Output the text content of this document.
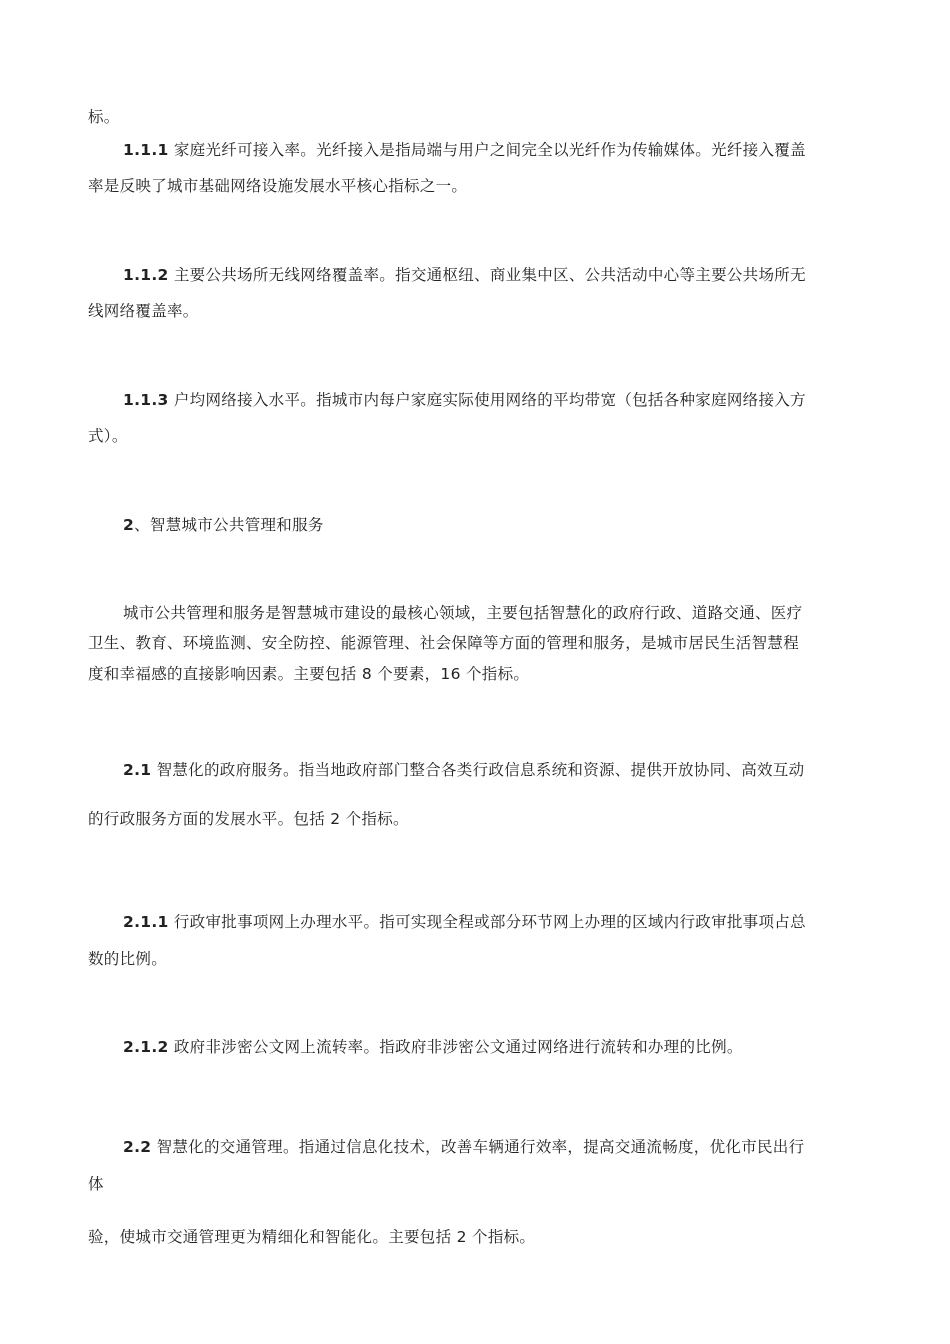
标。
1.1.1 家庭光纤可接入率。光纤接入是指局端与用户之间完全以光纤作为传输媒体。光纤接入覆盖
率是反映了城市基础网络设施发展水平核心指标之一。
1.1.2 主要公共场所无线网络覆盖率。指交通枢纽、商业集中区、公共活动中心等主要公共场所无
线网络覆盖率。
1.1.3 户均网络接入水平。指城市内每户家庭实际使用网络的平均带宽（包括各种家庭网络接入方
式）。
2、智慧城市公共管理和服务
城市公共管理和服务是智慧城市建设的最核心领域，主要包括智慧化的政府行政、道路交通、医疗
卫生、教育、环境监测、安全防控、能源管理、社会保障等方面的管理和服务，是城市居民生活智慧程
度和幸福感的直接影响因素。主要包括 8 个要素，16 个指标。
2.1 智慧化的政府服务。指当地政府部门整合各类行政信息系统和资源、提供开放协同、高效互动
的行政服务方面的发展水平。包括 2 个指标。
2.1.1 行政审批事项网上办理水平。指可实现全程或部分环节网上办理的区域内行政审批事项占总
数的比例。
2.1.2 政府非涉密公文网上流转率。指政府非涉密公文通过网络进行流转和办理的比例。
2.2 智慧化的交通管理。指通过信息化技术，改善车辆通行效率，提高交通流畅度，优化市民出行
体
验，使城市交通管理更为精细化和智能化。主要包括 2 个指标。
